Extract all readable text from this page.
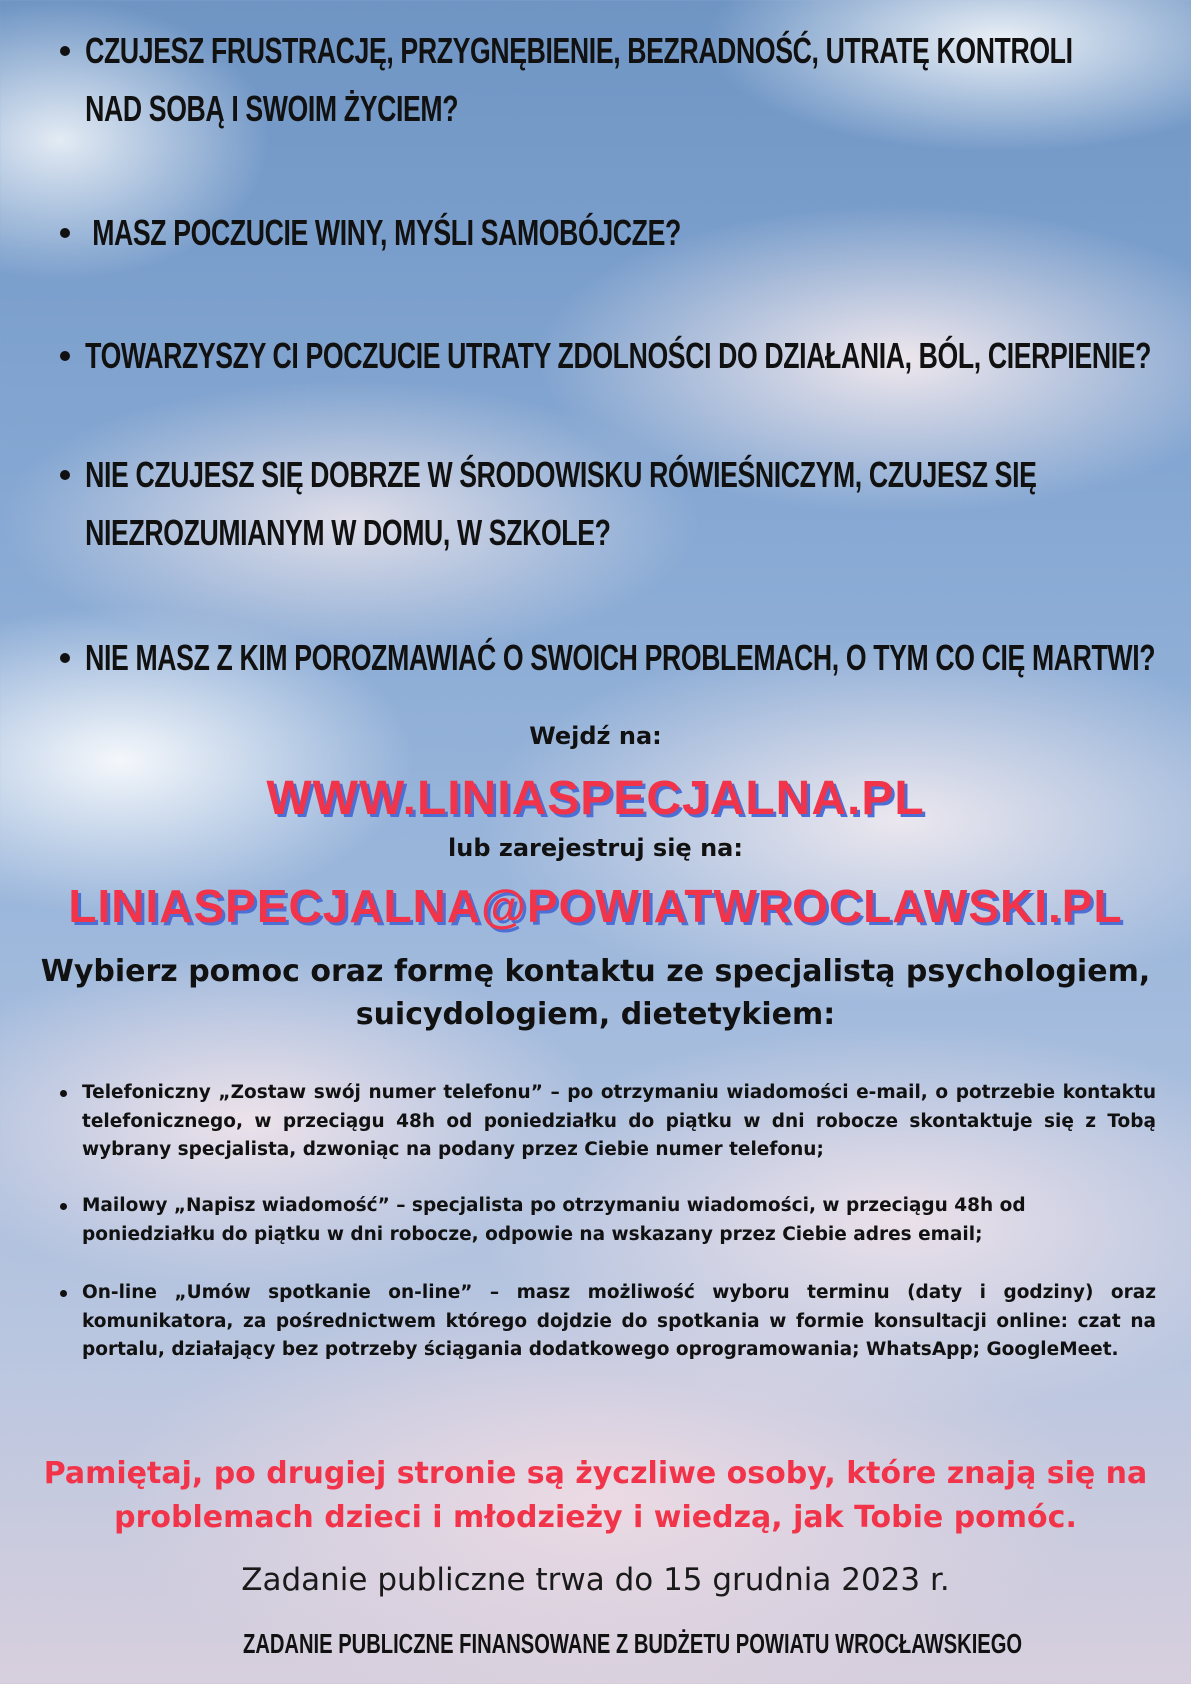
CZUJESZ FRUSTRACJĘ, PRZYGNĘBIENIE, BEZRADNOŚĆ, UTRATĘ KONTROLI
NAD SOBĄ I SWOIM ŻYCIEM?
MASZ POCZUCIE WINY, MYŚLI SAMOBÓJCZE?
TOWARZYSZY CI POCZUCIE UTRATY ZDOLNOŚCI DO DZIAŁANIA, BÓL, CIERPIENIE?
NIE CZUJESZ SIĘ DOBRZE W ŚRODOWISKU RÓWIEŚNICZYM, CZUJESZ SIĘ
NIEZROZUMIANYM W DOMU, W SZKOLE?
NIE MASZ Z KIM POROZMAWIAĆ O SWOICH PROBLEMACH, O TYM CO CIĘ MARTWI?
Wejdź na:
WWW.LINIASPECJALNA.PL
lub zarejestruj się na:
LINIASPECJALNA@POWIATWROCLAWSKI.PL
Wybierz pomoc oraz formę kontaktu ze specjalistą psychologiem,
suicydologiem, dietetykiem:
Telefoniczny „Zostaw swój numer telefonu” – po otrzymaniu wiadomości e-mail, o potrzebie kontaktu telefonicznego, w przeciągu 48h od poniedziałku do piątku w dni robocze skontaktuje się z Tobą wybrany specjalista, dzwoniąc na podany przez Ciebie numer telefonu;
Mailowy „Napisz wiadomość” – specjalista po otrzymaniu wiadomości, w przeciągu 48h od poniedziałku do piątku w dni robocze, odpowie na wskazany przez Ciebie adres email;
On-line „Umów spotkanie on-line” – masz możliwość wyboru terminu (daty i godziny) oraz komunikatora, za pośrednictwem którego dojdzie do spotkania w formie konsultacji online: czat na portalu, działający bez potrzeby ściągania dodatkowego oprogramowania; WhatsApp; GoogleMeet.
Pamiętaj, po drugiej stronie są życzliwe osoby, które znają się na
problemach dzieci i młodzieży i wiedzą, jak Tobie pomóc.
Zadanie publiczne trwa do 15 grudnia 2023 r.
ZADANIE PUBLICZNE FINANSOWANE Z BUDŻETU POWIATU WROCŁAWSKIEGO
